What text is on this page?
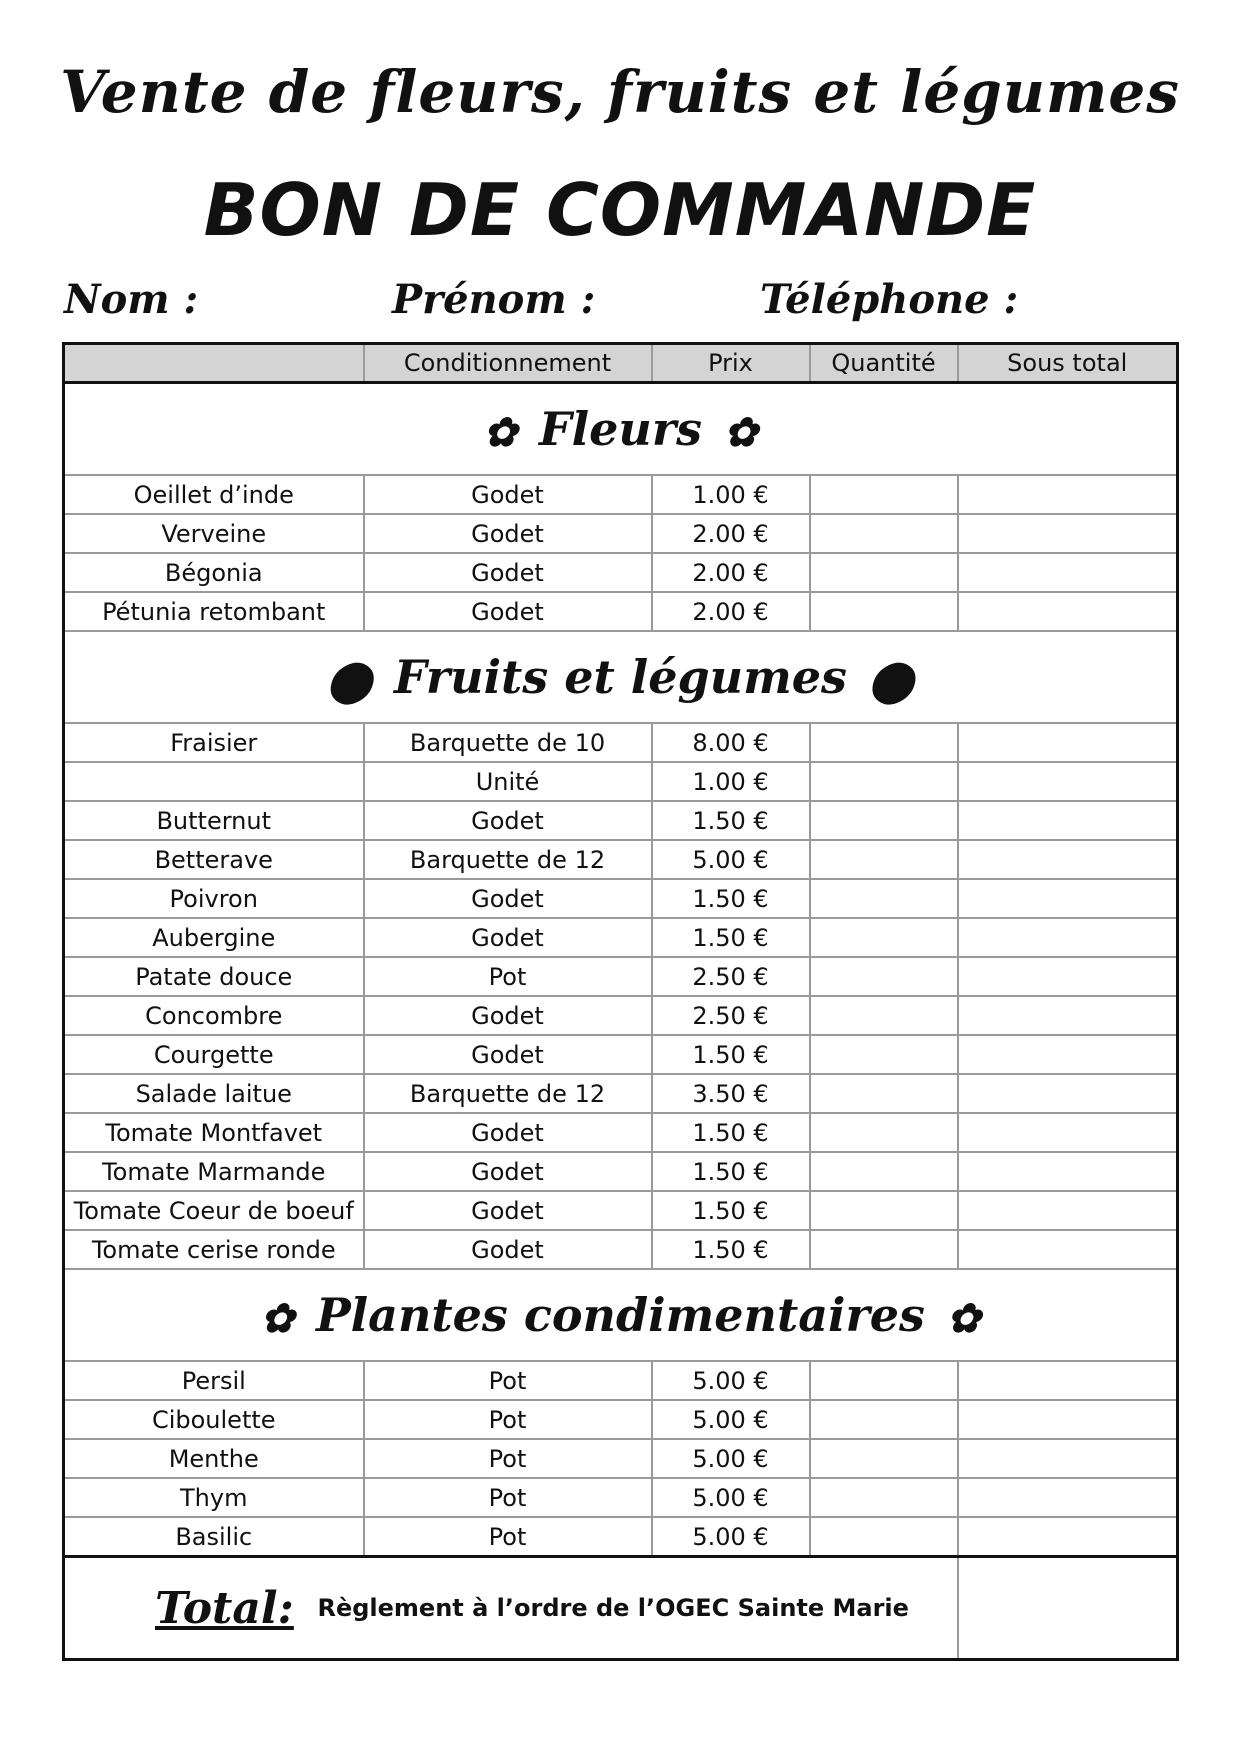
Vente de fleurs, fruits et légumes
BON DE COMMANDE
Nom :	Prénom :	Téléphone :
	Conditionnement	Prix	Quantité	Sous total
✿ Fleurs ✿				
Oeillet d’inde	Godet	1.00 €		
Verveine	Godet	2.00 €		
Bégonia	Godet	2.00 €		
Pétunia retombant	Godet	2.00 €		
⬤ Fruits et légumes ⬤				
Fraisier	Barquette de 10	8.00 €		
	Unité	1.00 €		
Butternut	Godet	1.50 €		
Betterave	Barquette de 12	5.00 €		
Poivron	Godet	1.50 €		
Aubergine	Godet	1.50 €		
Patate douce	Pot	2.50 €		
Concombre	Godet	2.50 €		
Courgette	Godet	1.50 €		
Salade laitue	Barquette de 12	3.50 €		
Tomate Montfavet	Godet	1.50 €		
Tomate Marmande	Godet	1.50 €		
Tomate Coeur de boeuf	Godet	1.50 €		
Tomate cerise ronde	Godet	1.50 €		
✿ Plantes condimentaires ✿				
Persil	Pot	5.00 €		
Ciboulette	Pot	5.00 €		
Menthe	Pot	5.00 €		
Thym	Pot	5.00 €		
Basilic	Pot	5.00 €		
Total: Règlement à l’ordre de l’OGEC Sainte Marie				
